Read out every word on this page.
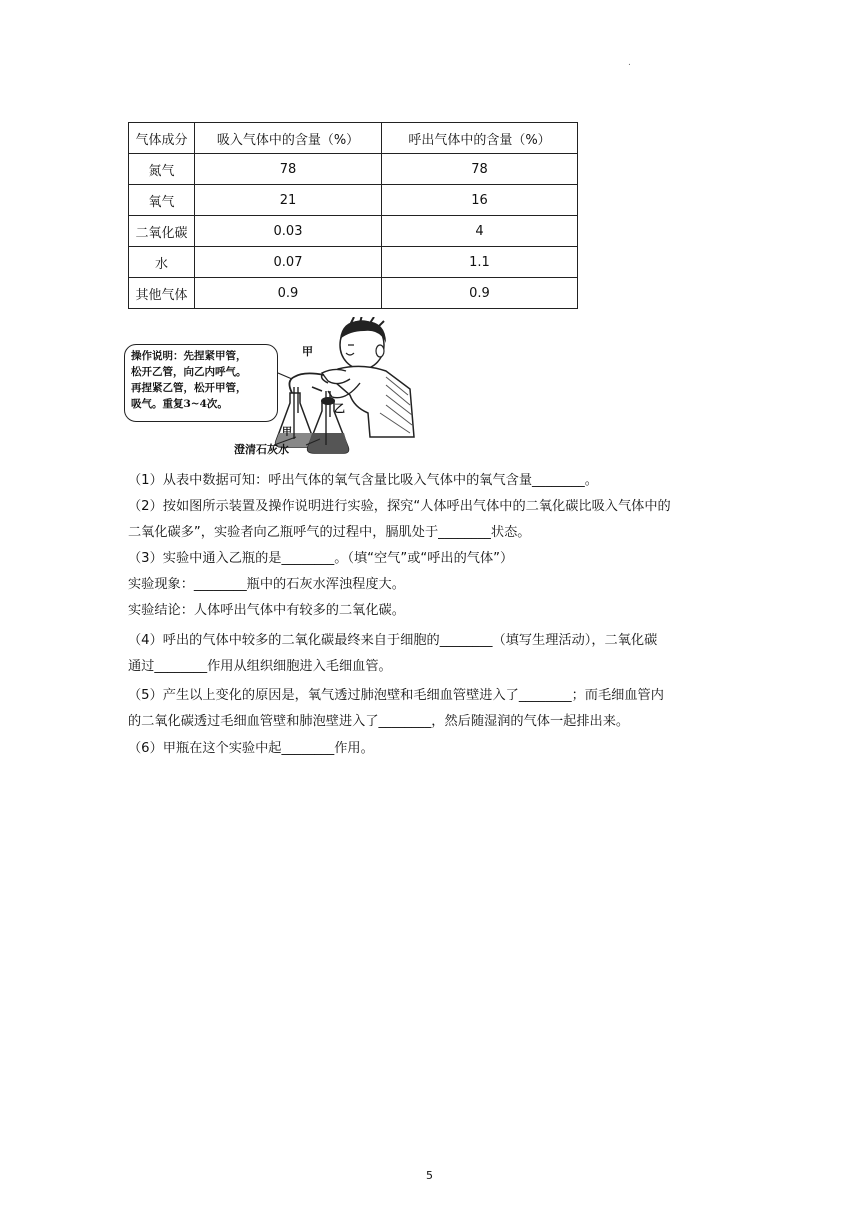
.
气体成分	吸入气体中的含量（%）	呼出气体中的含量（%）
氮气	78	78
氧气	21	16
二氧化碳	0.03	4
水	0.07	1.1
其他气体	0.9	0.9
操作说明：先捏紧甲管，
松开乙管，向乙内呼气。
再捏紧乙管，松开甲管，
吸气。重复3~4次。
甲
乙
甲
澄清石灰水
（1）从表中数据可知：呼出气体的氧气含量比吸入气体中的氧气含量________。
（2）按如图所示装置及操作说明进行实验，探究“人体呼出气体中的二氧化碳比吸入气体中的
二氧化碳多”，实验者向乙瓶呼气的过程中，膈肌处于________状态。
（3）实验中通入乙瓶的是________。（填“空气”或“呼出的气体”）
实验现象：________瓶中的石灰水浑浊程度大。
实验结论：人体呼出气体中有较多的二氧化碳。
（4）呼出的气体中较多的二氧化碳最终来自于细胞的________（填写生理活动），二氧化碳
通过________作用从组织细胞进入毛细血管。
（5）产生以上变化的原因是，氧气透过肺泡壁和毛细血管壁进入了________；而毛细血管内
的二氧化碳透过毛细血管壁和肺泡壁进入了________，然后随湿润的气体一起排出来。
（6）甲瓶在这个实验中起________作用。
5
